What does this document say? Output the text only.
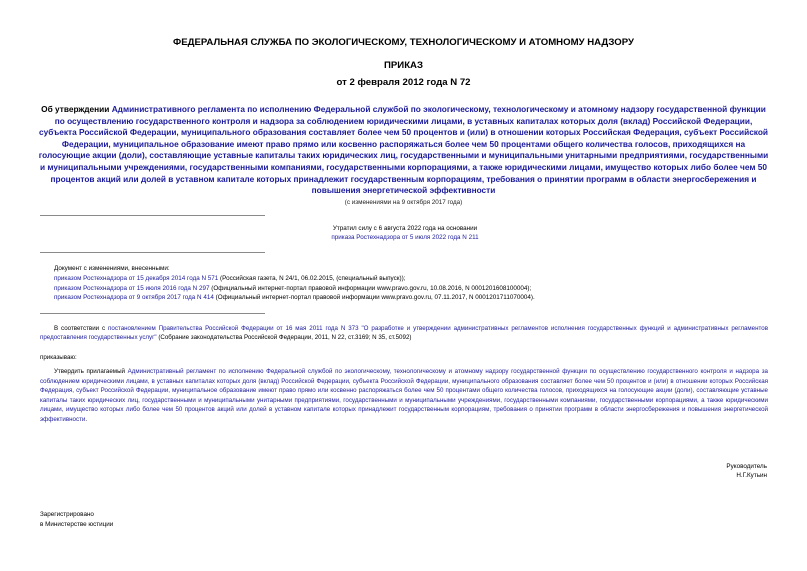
ФЕДЕРАЛЬНАЯ СЛУЖБА ПО ЭКОЛОГИЧЕСКОМУ, ТЕХНОЛОГИЧЕСКОМУ И АТОМНОМУ НАДЗОРУ
ПРИКАЗ
от 2 февраля 2012 года N 72
Об утверждении Административного регламента по исполнению Федеральной службой по экологическому, технологическому и атомному надзору государственной функции по осуществлению государственного контроля и надзора за соблюдением юридическими лицами, в уставных капиталах которых доля (вклад) Российской Федерации, субъекта Российской Федерации, муниципального образования составляет более чем 50 процентов и (или) в отношении которых Российская Федерация, субъект Российской Федерации, муниципальное образование имеют право прямо или косвенно распоряжаться более чем 50 процентами общего количества голосов, приходящихся на голосующие акции (доли), составляющие уставные капиталы таких юридических лиц, государственными и муниципальными унитарными предприятиями, государственными и муниципальными учреждениями, государственными компаниями, государственными корпорациями, а также юридическими лицами, имущество которых либо более чем 50 процентов акций или долей в уставном капитале которых принадлежит государственным корпорациям, требования о принятии программ в области энергосбережения и повышения энергетической эффективности
(с изменениями на 9 октября 2017 года)
Утратил силу с 6 августа 2022 года на основании
приказа Ростехнадзора от 5 июля 2022 года N 211
Документ с изменениями, внесенными:
приказом Ростехнадзора от 15 декабря 2014 года N 571 (Российская газета, N 24/1, 06.02.2015, (специальный выпуск));
приказом Ростехнадзора от 15 июля 2016 года N 297 (Официальный интернет-портал правовой информации www.pravo.gov.ru, 10.08.2016, N 0001201608100004);
приказом Ростехнадзора от 9 октября 2017 года N 414 (Официальный интернет-портал правовой информации www.pravo.gov.ru, 07.11.2017, N 0001201711070004).
В соответствии с постановлением Правительства Российской Федерации от 16 мая 2011 года N 373 "О разработке и утверждении административных регламентов исполнения государственных функций и административных регламентов предоставления государственных услуг" (Собрание законодательства Российской Федерации, 2011, N 22, ст.3169; N 35, ст.5092)
приказываю:
Утвердить прилагаемый Административный регламент по исполнению Федеральной службой по экологическому, технологическому и атомному надзору государственной функции по осуществлению государственного контроля и надзора за соблюдением юридическими лицами, в уставных капиталах которых доля (вклад) Российской Федерации, субъекта Российской Федерации, муниципального образования составляет более чем 50 процентов и (или) в отношении которых Российская Федерация, субъект Российской Федерации, муниципальное образование имеют право прямо или косвенно распоряжаться более чем 50 процентами общего количества голосов, приходящихся на голосующие акции (доли), составляющие уставные капиталы таких юридических лиц, государственными и муниципальными унитарными предприятиями, государственными и муниципальными учреждениями, государственными компаниями, государственными корпорациями, а также юридическими лицами, имущество которых либо более чем 50 процентов акций или долей в уставном капитале которых принадлежит государственным корпорациям, требования о принятии программ в области энергосбережения и повышения энергетической эффективности.
Руководитель
Н.Г.Кутьин
Зарегистрировано
в Министерстве юстиции
